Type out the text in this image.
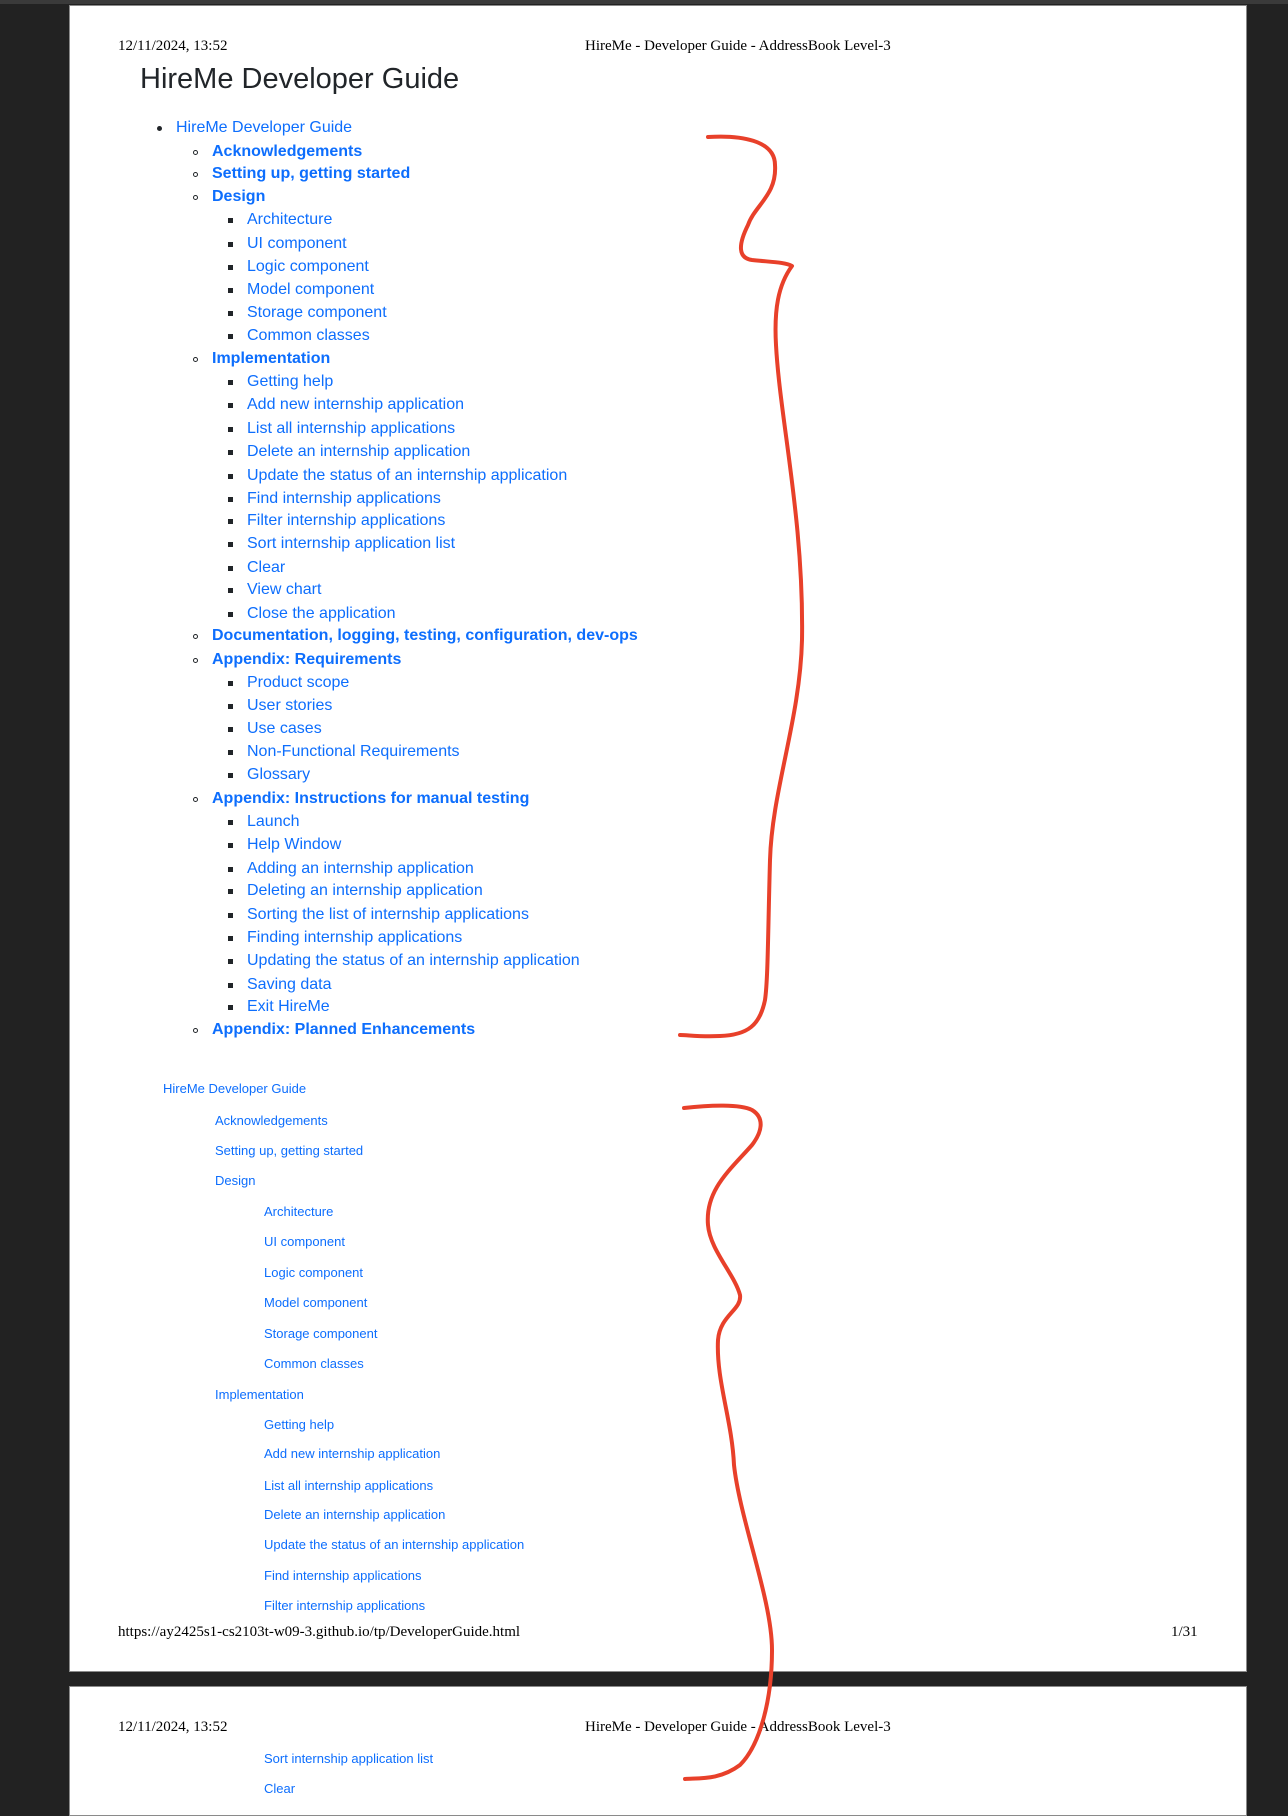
12/11/2024, 13:52	HireMe - Developer Guide - AddressBook Level-3
HireMe Developer Guide
HireMe Developer Guide
Acknowledgements
Setting up, getting started
Design
Architecture
UI component
Logic component
Model component
Storage component
Common classes
Implementation
Getting help
Add new internship application
List all internship applications
Delete an internship application
Update the status of an internship application
Find internship applications
Filter internship applications
Sort internship application list
Clear
View chart
Close the application
Documentation, logging, testing, configuration, dev-ops
Appendix: Requirements
Product scope
User stories
Use cases
Non-Functional Requirements
Glossary
Appendix: Instructions for manual testing
Launch
Help Window
Adding an internship application
Deleting an internship application
Sorting the list of internship applications
Finding internship applications
Updating the status of an internship application
Saving data
Exit HireMe
Appendix: Planned Enhancements
HireMe Developer Guide
Acknowledgements
Setting up, getting started
Design
Architecture
UI component
Logic component
Model component
Storage component
Common classes
Implementation
Getting help
Add new internship application
List all internship applications
Delete an internship application
Update the status of an internship application
Find internship applications
Filter internship applications
https://ay2425s1-cs2103t-w09-3.github.io/tp/DeveloperGuide.html	1/31
12/11/2024, 13:52	HireMe - Developer Guide - AddressBook Level-3
Sort internship application list
Clear
